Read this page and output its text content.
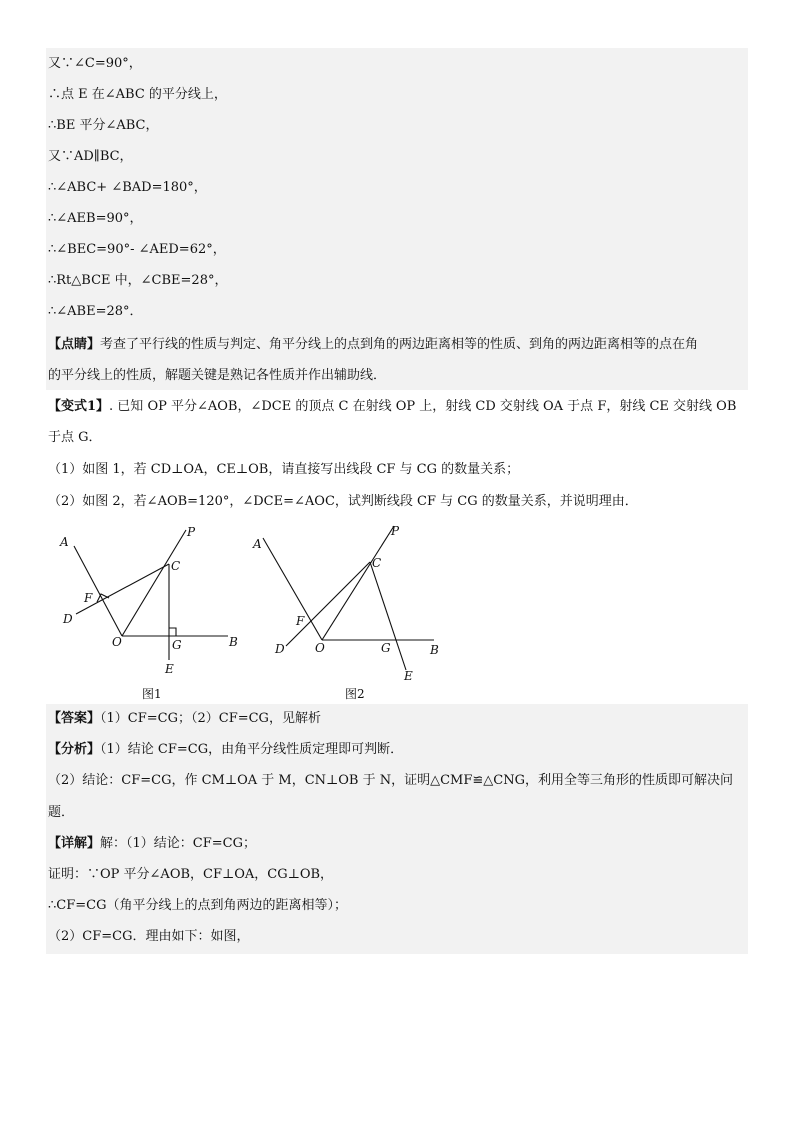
又∵∠C=90°，
∴点 E 在∠ABC 的平分线上，
∴BE 平分∠ABC，
又∵AD∥BC，
∴∠ABC+ ∠BAD=180°，
∴∠AEB=90°，
∴∠BEC=90°- ∠AED=62°，
∴Rt△BCE 中，∠CBE=28°，
∴∠ABE=28°．
【点睛】考查了平行线的性质与判定、角平分线上的点到角的两边距离相等的性质、到角的两边距离相等的点在角
的平分线上的性质，解题关键是熟记各性质并作出辅助线．
【变式1】. 已知 OP 平分∠AOB，∠DCE 的顶点 C 在射线 OP 上，射线 CD 交射线 OA 于点 F，射线 CE 交射线 OB
于点 G．
（1）如图 1，若 CD⊥OA，CE⊥OB，请直接写出线段 CF 与 CG 的数量关系；
（2）如图 2，若∠AOB=120°，∠DCE=∠AOC，试判断线段 CF 与 CG 的数量关系，并说明理由．
A
P
C
F
D
O	G	B
E
图1
A
P
C
F
D	O	G	B
E
图2
【答案】（1）CF=CG；（2）CF=CG，见解析
【分析】（1）结论 CF=CG，由角平分线性质定理即可判断．
（2）结论：CF=CG，作 CM⊥OA 于 M，CN⊥OB 于 N，证明△CMF≌△CNG，利用全等三角形的性质即可解决问
题．
【详解】解：（1）结论：CF=CG；
证明：∵OP 平分∠AOB，CF⊥OA，CG⊥OB，
∴CF=CG（角平分线上的点到角两边的距离相等）；
（2）CF=CG．理由如下：如图，
